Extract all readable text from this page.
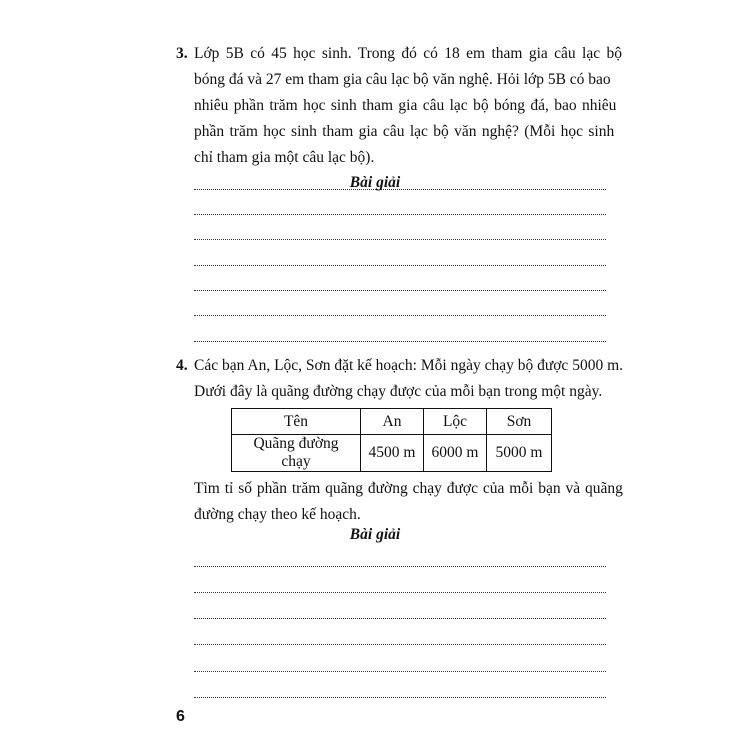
3. Lớp 5B có 45 học sinh. Trong đó có 18 em tham gia câu lạc bộ
bóng đá và 27 em tham gia câu lạc bộ văn nghệ. Hỏi lớp 5B có bao
nhiêu phần trăm học sinh tham gia câu lạc bộ bóng đá, bao nhiêu
phần trăm học sinh tham gia câu lạc bộ văn nghệ? (Mỗi học sinh
chỉ tham gia một câu lạc bộ).
Bài giải
4. Các bạn An, Lộc, Sơn đặt kế hoạch: Mỗi ngày chạy bộ được 5000 m.
Dưới đây là quãng đường chạy được của mỗi bạn trong một ngày.
Tên	An	Lộc	Sơn
Quãng đường chạy	4500 m	6000 m	5000 m
Tìm tỉ số phần trăm quãng đường chạy được của mỗi bạn và quãng
đường chạy theo kế hoạch.
Bài giải
6
